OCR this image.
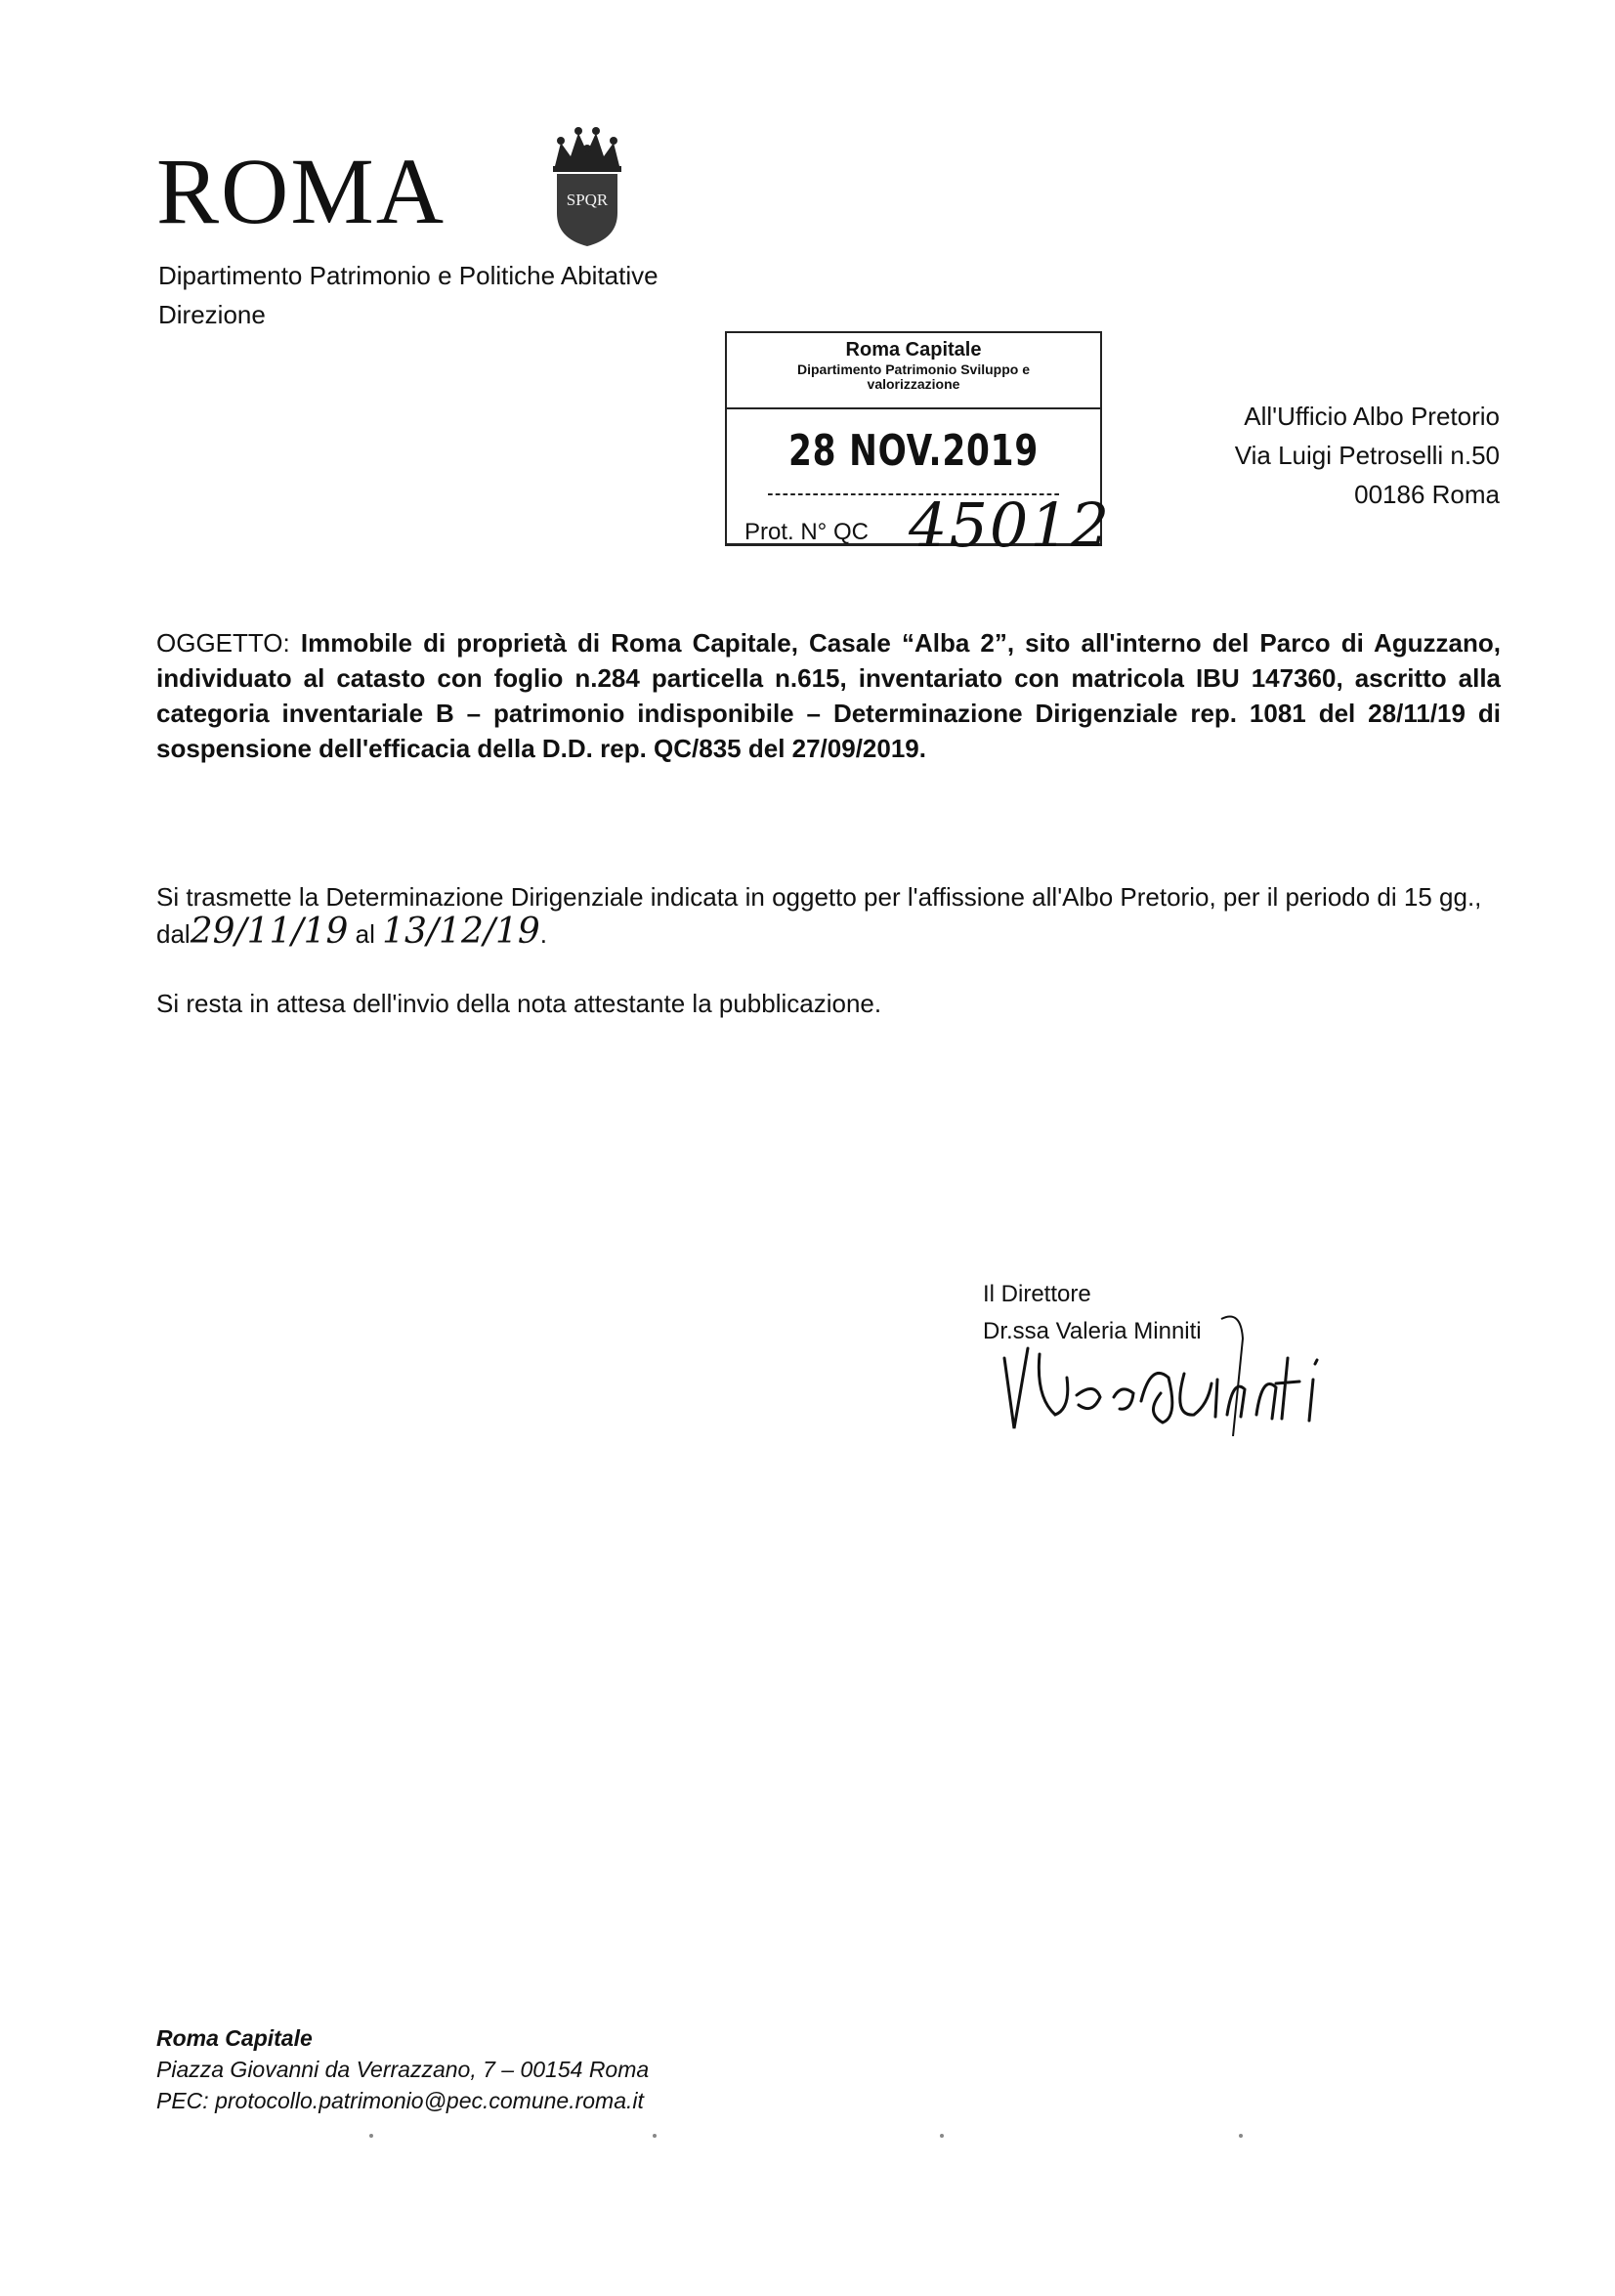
ROMA	SPQR
Dipartimento Patrimonio e Politiche Abitative
Direzione
Roma Capitale
Dipartimento Patrimonio Sviluppo e
valorizzazione
28 NOV.2019
Prot. N° QC 45012
All'Ufficio Albo Pretorio
Via Luigi Petroselli n.50
00186 Roma
OGGETTO: Immobile di proprietà di Roma Capitale, Casale “Alba 2”, sito all'interno del Parco di Aguzzano, individuato al catasto con foglio n.284 particella n.615, inventariato con matricola IBU 147360, ascritto alla categoria inventariale B – patrimonio indisponibile – Determinazione Dirigenziale rep. 1081 del 28/11/19 di sospensione dell'efficacia della D.D. rep. QC/835 del 27/09/2019.
Si trasmette la Determinazione Dirigenziale indicata in oggetto per l'affissione all'Albo Pretorio, per il periodo di 15 gg., dal29/11/19 al 13/12/19.
Si resta in attesa dell'invio della nota attestante la pubblicazione.
Il Direttore
Dr.ssa Valeria Minniti
Roma Capitale
Piazza Giovanni da Verrazzano, 7 – 00154 Roma
PEC: protocollo.patrimonio@pec.comune.roma.it
